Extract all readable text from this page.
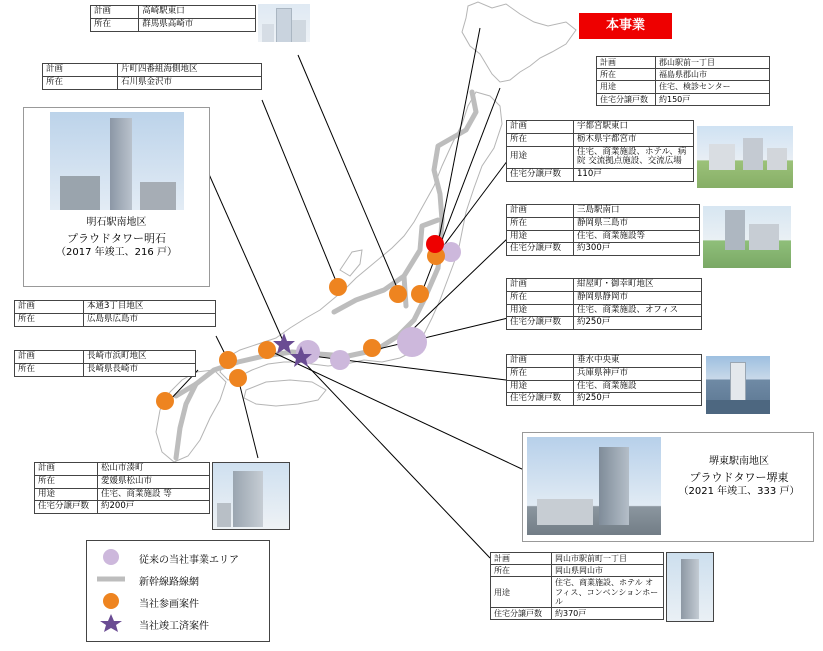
本事業
計画	高崎駅東口
所在	群馬県高崎市
計画	片町四番組海側地区
所在	石川県金沢市
明石駅南地区
プラウドタワー明石
（2017 年竣工、216 戸）
計画	郡山駅前一丁目
所在	福島県郡山市
用途	住宅、検診センター
住宅分譲戸数	約150戸
計画	宇都宮駅東口
所在	栃木県宇都宮市
用途	住宅、商業施設、ホテル、病院 交流拠点施設、交流広場
住宅分譲戸数	110戸
計画	三島駅南口
所在	静岡県三島市
用途	住宅、商業施設等
住宅分譲戸数	約300戸
計画	紺屋町・御幸町地区
所在	静岡県静岡市
用途	住宅、商業施設、オフィス
住宅分譲戸数	約250戸
計画	垂水中央東
所在	兵庫県神戸市
用途	住宅、商業施設
住宅分譲戸数	約250戸
計画	本通3丁目地区
所在	広島県広島市
計画	長崎市浜町地区
所在	長崎県長崎市
計画	松山市湊町
所在	愛媛県松山市
用途	住宅、商業施設 等
住宅分譲戸数	約200戸
堺東駅南地区
プラウドタワー堺東
（2021 年竣工、333 戸）
計画	岡山市駅前町一丁目
所在	岡山県岡山市
用途	住宅、商業施設、ホテル オフィス、コンベンションホール
住宅分譲戸数	約370戸
従来の当社事業エリア
新幹線路線網
当社参画案件
当社竣工済案件
